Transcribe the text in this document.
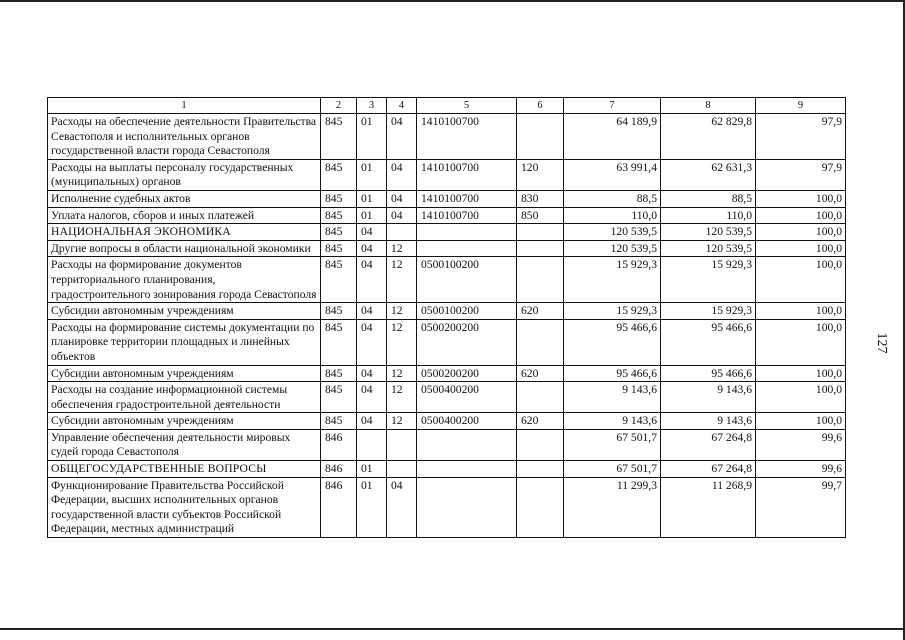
127
1	2	3	4	5	6	7	8	9
Расходы на обеспечение деятельности Правительства Севастополя и исполнительных органов государственной власти города Севастополя	845	01	04	1410100700		64 189,9	62 829,8	97,9
Расходы на выплаты персоналу государственных (муниципальных) органов	845	01	04	1410100700	120	63 991,4	62 631,3	97,9
Исполнение судебных актов	845	01	04	1410100700	830	88,5	88,5	100,0
Уплата налогов, сборов и иных платежей	845	01	04	1410100700	850	110,0	110,0	100,0
НАЦИОНАЛЬНАЯ ЭКОНОМИКА	845	04				120 539,5	120 539,5	100,0
Другие вопросы в области национальной экономики	845	04	12			120 539,5	120 539,5	100,0
Расходы на формирование документов территориального планирования, градостроительного зонирования города Севастополя	845	04	12	0500100200		15 929,3	15 929,3	100,0
Субсидии автономным учреждениям	845	04	12	0500100200	620	15 929,3	15 929,3	100,0
Расходы на формирование системы документации по планировке территории площадных и линейных объектов	845	04	12	0500200200		95 466,6	95 466,6	100,0
Субсидии автономным учреждениям	845	04	12	0500200200	620	95 466,6	95 466,6	100,0
Расходы на создание информационной системы обеспечения градостроительной деятельности	845	04	12	0500400200		9 143,6	9 143,6	100,0
Субсидии автономным учреждениям	845	04	12	0500400200	620	9 143,6	9 143,6	100,0
Управление обеспечения деятельности мировых судей города Севастополя	846					67 501,7	67 264,8	99,6
ОБЩЕГОСУДАРСТВЕННЫЕ ВОПРОСЫ	846	01				67 501,7	67 264,8	99,6
Функционирование Правительства Российской Федерации, высших исполнительных органов государственной власти субъектов Российской Федерации, местных администраций	846	01	04			11 299,3	11 268,9	99,7
